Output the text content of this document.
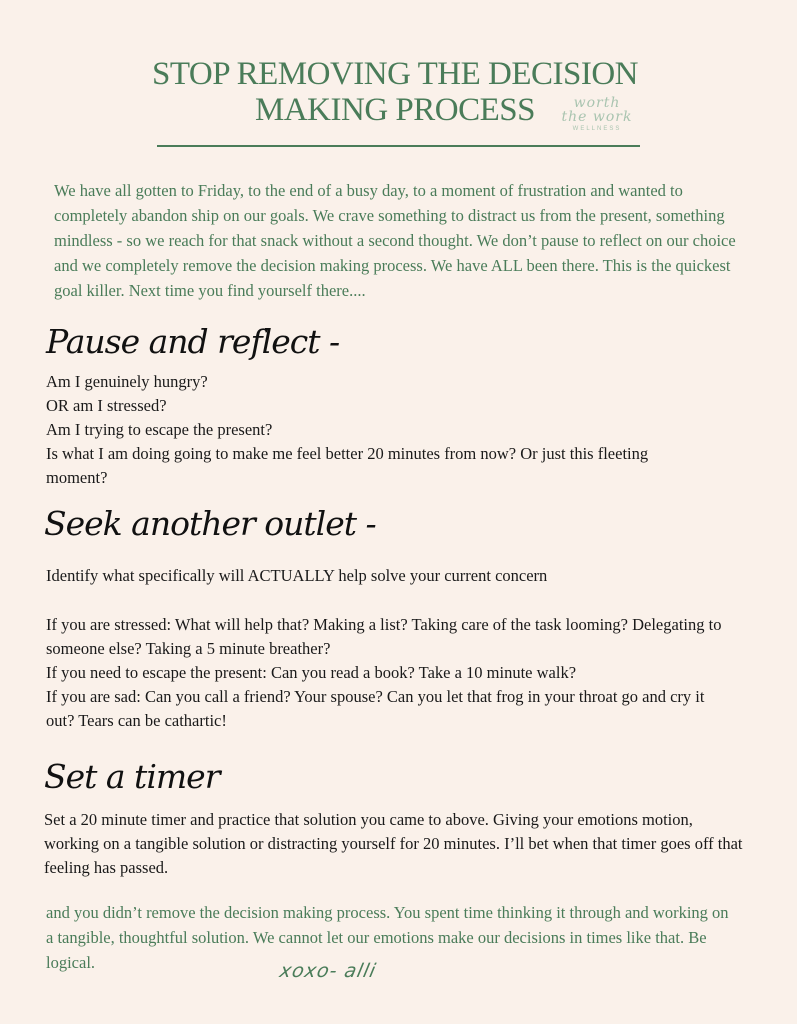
STOP REMOVING THE DECISION
MAKING PROCESS	worth
the work
WELLNESS

We have all gotten to Friday, to the end of a busy day, to a moment of frustration and wanted to completely abandon ship on our goals. We crave something to distract us from the present, something mindless - so we reach for that snack without a second thought. We don’t pause to reflect on our choice and we completely remove the decision making process. We have ALL been there. This is the quickest goal killer. Next time you find yourself there....

Pause and reflect -
Am I genuinely hungry?
OR am I stressed?
Am I trying to escape the present?
Is what I am doing going to make me feel better 20 minutes from now? Or just this fleeting moment?
Seek another outlet -

Identify what specifically will ACTUALLY help solve your current concern

If you are stressed: What will help that? Making a list? Taking care of the task looming? Delegating to someone else? Taking a 5 minute breather?
If you need to escape the present: Can you read a book? Take a 10 minute walk?
If you are sad: Can you call a friend? Your spouse? Can you let that frog in your throat go and cry it out? Tears can be cathartic!
Set a timer

Set a 20 minute timer and practice that solution you came to above. Giving your emotions motion, working on a tangible solution or distracting yourself for 20 minutes. I’ll bet when that timer goes off that feeling has passed.

and you didn’t remove the decision making process. You spent time thinking it through and working on a tangible, thoughtful solution. We cannot let our emotions make our decisions in times like that. Be logical.	xoxo- alli
